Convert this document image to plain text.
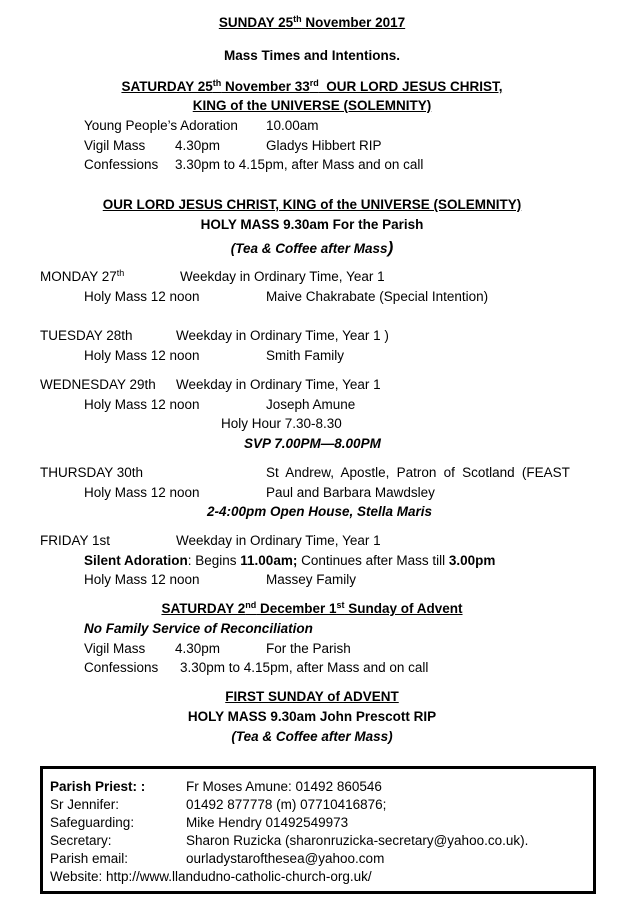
SUNDAY 25th November 2017
Mass Times and Intentions.
SATURDAY 25th November 33rd  OUR LORD JESUS CHRIST,
KING of the UNIVERSE (SOLEMNITY)
Young People’s Adoration 10.00am
Vigil Mass 4.30pm	Gladys Hibbert RIP
Confessions 3.30pm to 4.15pm, after Mass and on call
OUR LORD JESUS CHRIST, KING of the UNIVERSE (SOLEMNITY)
HOLY MASS 9.30am For the Parish
(Tea & Coffee after Mass)
MONDAY 27th	Weekday in Ordinary Time, Year 1
Holy Mass 12 noon	Maive Chakrabate (Special Intention)
TUESDAY 28th	Weekday in Ordinary Time, Year 1 )
Holy Mass 12 noon	Smith Family
WEDNESDAY 29th Weekday in Ordinary Time, Year 1
Holy Mass 12 noon	Joseph Amune
Holy Hour 7.30-8.30
SVP 7.00PM—8.00PM
THURSDAY 30th	St Andrew, Apostle, Patron of Scotland (FEAST
Holy Mass 12 noon	Paul and Barbara Mawdsley
2-4:00pm Open House, Stella Maris
FRIDAY 1st	Weekday in Ordinary Time, Year 1
Silent Adoration: Begins 11.00am; Continues after Mass till 3.00pm
Holy Mass 12 noon	Massey Family
SATURDAY 2nd December 1st Sunday of Advent
No Family Service of Reconciliation
Vigil Mass 4.30pm	For the Parish
Confessions 3.30pm to 4.15pm, after Mass and on call
FIRST SUNDAY of ADVENT
HOLY MASS 9.30am John Prescott RIP
(Tea & Coffee after Mass)
Parish Priest: :	Fr Moses Amune: 01492 860546
Sr Jennifer:	01492 877778 (m) 07710416876;
Safeguarding:	Mike Hendry 01492549973
Secretary:	Sharon Ruzicka (sharonruzicka-secretary@yahoo.co.uk).
Parish email:	ourladystarofthesea@yahoo.com
Website: http://www.llandudno-catholic-church-org.uk/
